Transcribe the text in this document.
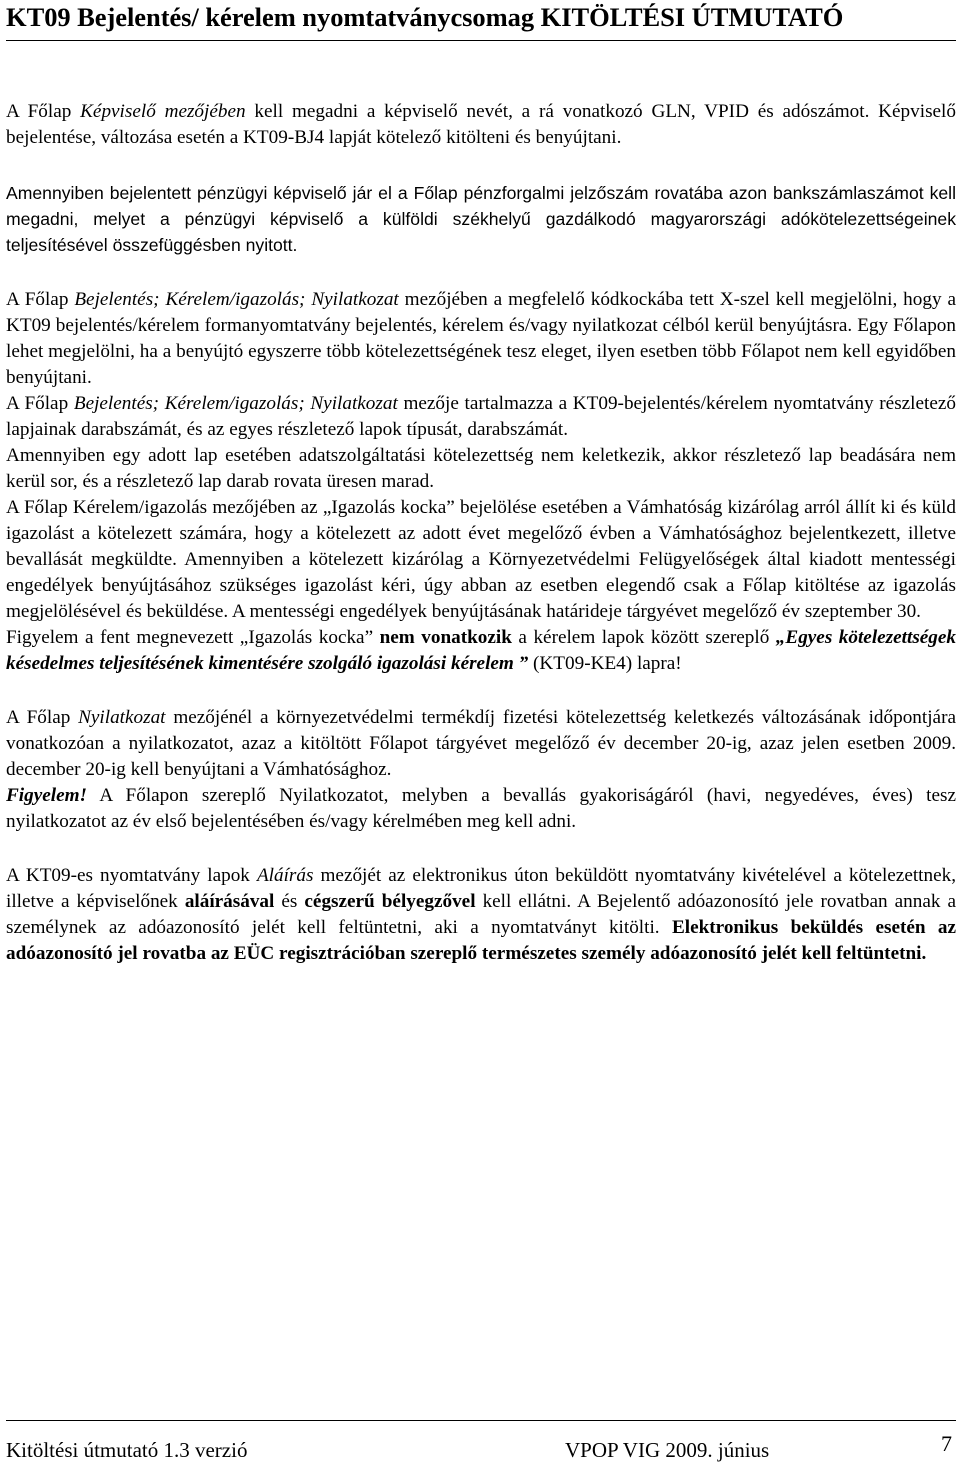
KT09 Bejelentés/ kérelem nyomtatványcsomag KITÖLTÉSI ÚTMUTATÓ

A Főlap Képviselő mezőjében kell megadni a képviselő nevét, a rá vonatkozó GLN, VPID és adószámot. Képviselő bejelentése, változása esetén a KT09-BJ4 lapját kötelező kitölteni és benyújtani.

Amennyiben bejelentett pénzügyi képviselő jár el a Főlap pénzforgalmi jelzőszám rovatába azon bankszámlaszámot kell megadni, melyet a pénzügyi képviselő a külföldi székhelyű gazdálkodó magyarországi adókötelezettségeinek teljesítésével összefüggésben nyitott.

A Főlap Bejelentés; Kérelem/igazolás; Nyilatkozat mezőjében a megfelelő kódkockába tett X-szel kell megjelölni, hogy a KT09 bejelentés/kérelem formanyomtatvány bejelentés, kérelem és/vagy nyilatkozat célból kerül benyújtásra. Egy Főlapon lehet megjelölni, ha a benyújtó egyszerre több kötelezettségének tesz eleget, ilyen esetben több Főlapot nem kell egyidőben benyújtani.

A Főlap Bejelentés; Kérelem/igazolás; Nyilatkozat mezője tartalmazza a KT09-bejelentés/kérelem nyomtatvány részletező lapjainak darabszámát, és az egyes részletező lapok típusát, darabszámát.

Amennyiben egy adott lap esetében adatszolgáltatási kötelezettség nem keletkezik, akkor részletező lap beadására nem kerül sor, és a részletező lap darab rovata üresen marad.

A Főlap Kérelem/igazolás mezőjében az „Igazolás kocka” bejelölése esetében a Vámhatóság kizárólag arról állít ki és küld igazolást a kötelezett számára, hogy a kötelezett az adott évet megelőző évben a Vámhatósághoz bejelentkezett, illetve bevallását megküldte. Amennyiben a kötelezett kizárólag a Környezetvédelmi Felügyelőségek által kiadott mentességi engedélyek benyújtásához szükséges igazolást kéri, úgy abban az esetben elegendő csak a Főlap kitöltése az igazolás megjelölésével és beküldése. A mentességi engedélyek benyújtásának határideje tárgyévet megelőző év szeptember 30.

Figyelem a fent megnevezett „Igazolás kocka” nem vonatkozik a kérelem lapok között szereplő „Egyes kötelezettségek késedelmes teljesítésének kimentésére szolgáló igazolási kérelem ” (KT09-KE4) lapra!

A Főlap Nyilatkozat mezőjénél a környezetvédelmi termékdíj fizetési kötelezettség keletkezés változásának időpontjára vonatkozóan a nyilatkozatot, azaz a kitöltött Főlapot tárgyévet megelőző év december 20-ig, azaz jelen esetben 2009. december 20-ig kell benyújtani a Vámhatósághoz.

Figyelem! A Főlapon szereplő Nyilatkozatot, melyben a bevallás gyakoriságáról (havi, negyedéves, éves) tesz nyilatkozatot az év első bejelentésében és/vagy kérelmében meg kell adni.

A KT09-es nyomtatvány lapok Aláírás mezőjét az elektronikus úton beküldött nyomtatvány kivételével a kötelezettnek, illetve a képviselőnek aláírásával és cégszerű bélyegzővel kell ellátni. A Bejelentő adóazonosító jele rovatban annak a személynek az adóazonosító jelét kell feltüntetni, aki a nyomtatványt kitölti. Elektronikus beküldés esetén az adóazonosító jel rovatba az EÜC regisztrációban szereplő természetes személy adóazonosító jelét kell feltüntetni.

Kitöltési útmutató 1.3 verzió	VPOP VIG 2009. június	7
